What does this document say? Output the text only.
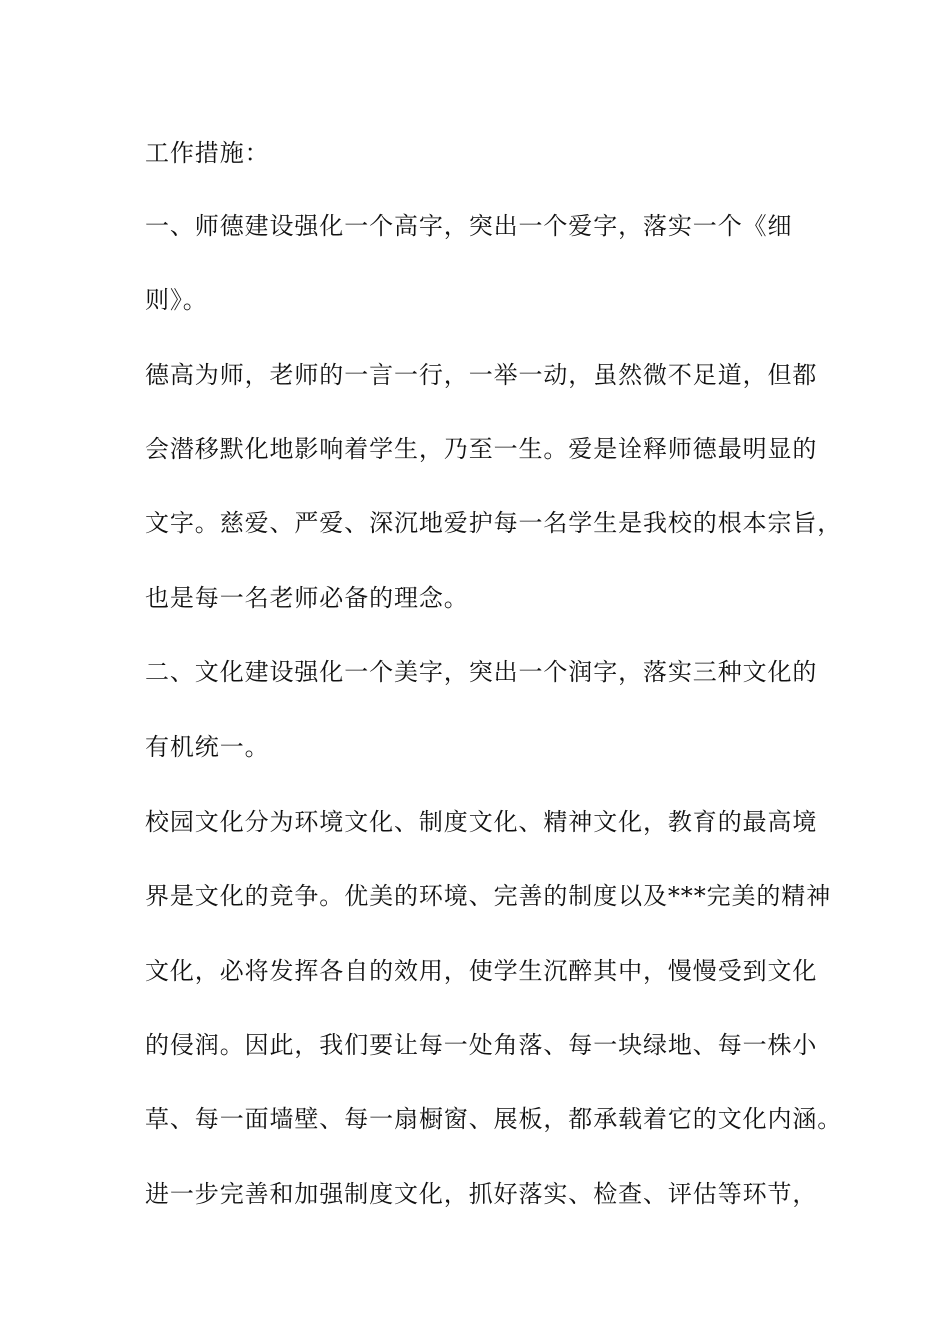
工作措施：
一、师德建设强化一个高字，突出一个爱字，落实一个《细
则》。
德高为师，老师的一言一行，一举一动，虽然微不足道，但都
会潜移默化地影响着学生，乃至一生。爱是诠释师德最明显的
文字。慈爱、严爱、深沉地爱护每一名学生是我校的根本宗旨，
也是每一名老师必备的理念。
二、文化建设强化一个美字，突出一个润字，落实三种文化的
有机统一。
校园文化分为环境文化、制度文化、精神文化，教育的最高境
界是文化的竞争。优美的环境、完善的制度以及***完美的精神
文化，必将发挥各自的效用，使学生沉醉其中，慢慢受到文化
的侵润。因此，我们要让每一处角落、每一块绿地、每一株小
草、每一面墙壁、每一扇橱窗、展板，都承载着它的文化内涵。
进一步完善和加强制度文化，抓好落实、检查、评估等环节，
